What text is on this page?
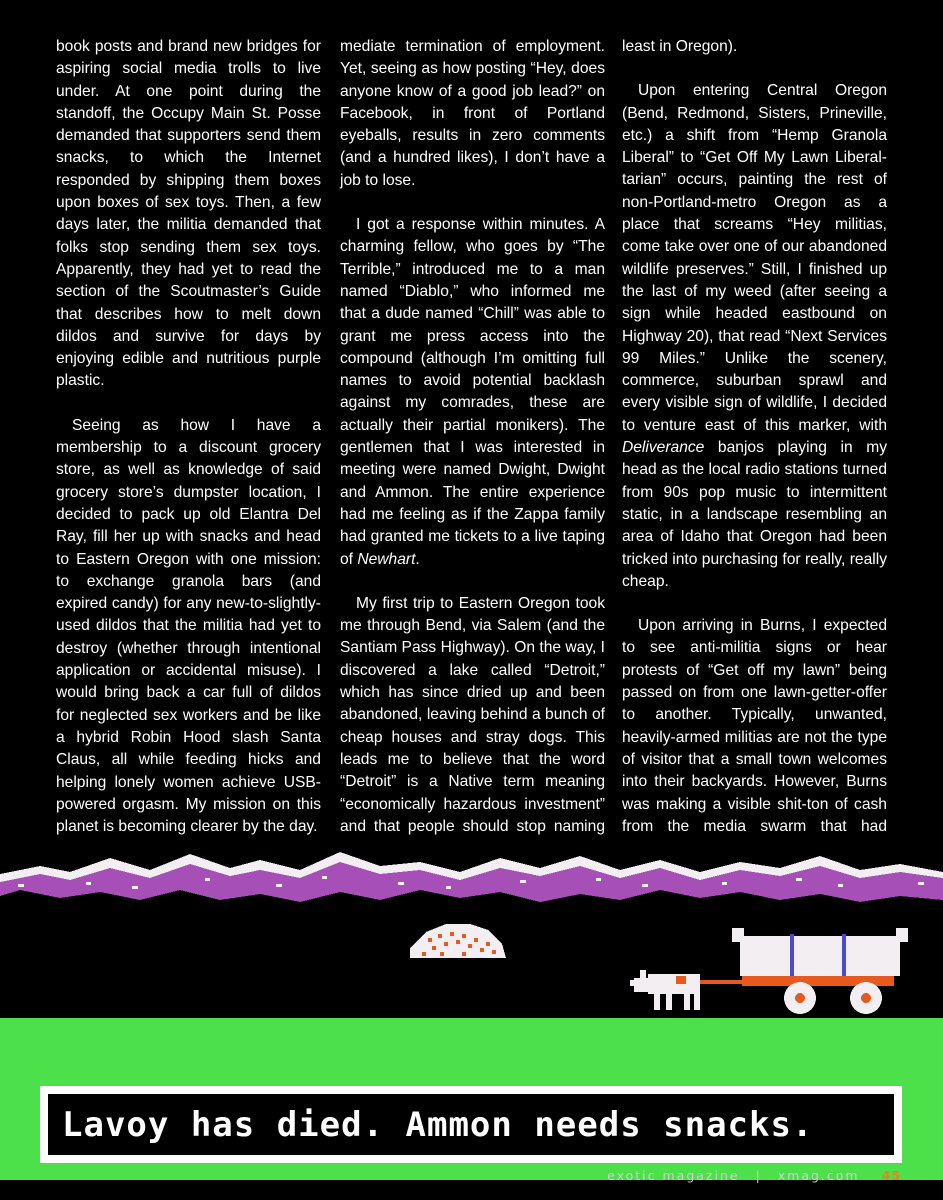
book posts and brand new bridges for aspiring social media trolls to live under. At one point during the standoff, the Occupy Main St. Posse demanded that supporters send them snacks, to which the Internet responded by shipping them boxes upon boxes of sex toys. Then, a few days later, the militia demanded that folks stop sending them sex toys. Apparently, they had yet to read the section of the Scoutmaster’s Guide that describes how to melt down dildos and survive for days by enjoying edible and nutritious purple plastic.

Seeing as how I have a membership to a discount grocery store, as well as knowledge of said grocery store’s dumpster location, I decided to pack up old Elantra Del Ray, fill her up with snacks and head to Eastern Oregon with one mission: to exchange granola bars (and expired candy) for any new-to-slightly-used dildos that the militia had yet to destroy (whether through intentional application or accidental misuse). I would bring back a car full of dildos for neglected sex workers and be like a hybrid Robin Hood slash Santa Claus, all while feeding hicks and helping lonely women achieve USB-powered orgasm. My mission on this planet is becoming clearer by the day.

mediate termination of employment. Yet, seeing as how posting “Hey, does anyone know of a good job lead?” on Facebook, in front of Portland eyeballs, results in zero comments (and a hundred likes), I don’t have a job to lose.

I got a response within minutes. A charming fellow, who goes by “The Terrible,” introduced me to a man named “Diablo,” who informed me that a dude named “Chill” was able to grant me press access into the compound (although I’m omitting full names to avoid potential backlash against my comrades, these are actually their partial monikers). The gentlemen that I was interested in meeting were named Dwight, Dwight and Ammon. The entire experience had me feeling as if the Zappa family had granted me tickets to a live taping of Newhart.

My first trip to Eastern Oregon took me through Bend, via Salem (and the Santiam Pass Highway). On the way, I discovered a lake called “Detroit,” which has since dried up and been abandoned, leaving behind a bunch of cheap houses and stray dogs. This leads me to believe that the word “Detroit” is a Native term meaning “economically hazardous investment” and that people should stop naming

least in Oregon).

Upon entering Central Oregon (Bend, Redmond, Sisters, Prineville, etc.) a shift from “Hemp Granola Liberal” to “Get Off My Lawn Liberal-tarian” occurs, painting the rest of non-Portland-metro Oregon as a place that screams “Hey militias, come take over one of our abandoned wildlife preserves.” Still, I finished up the last of my weed (after seeing a sign while headed eastbound on Highway 20), that read “Next Services 99 Miles.” Unlike the scenery, commerce, suburban sprawl and every visible sign of wildlife, I decided to venture east of this marker, with Deliverance banjos playing in my head as the local radio stations turned from 90s pop music to intermittent static, in a landscape resembling an area of Idaho that Oregon had been tricked into purchasing for really, really cheap.

Upon arriving in Burns, I expected to see anti-militia signs or hear protests of “Get off my lawn” being passed on from one lawn-getter-offer to another. Typically, unwanted, heavily-armed militias are not the type of visitor that a small town welcomes into their backyards. However, Burns was making a visible shit-ton of cash from the media swarm that had

Lavoy has died. Ammon needs snacks.
exotic magazine | xmag.com 45
